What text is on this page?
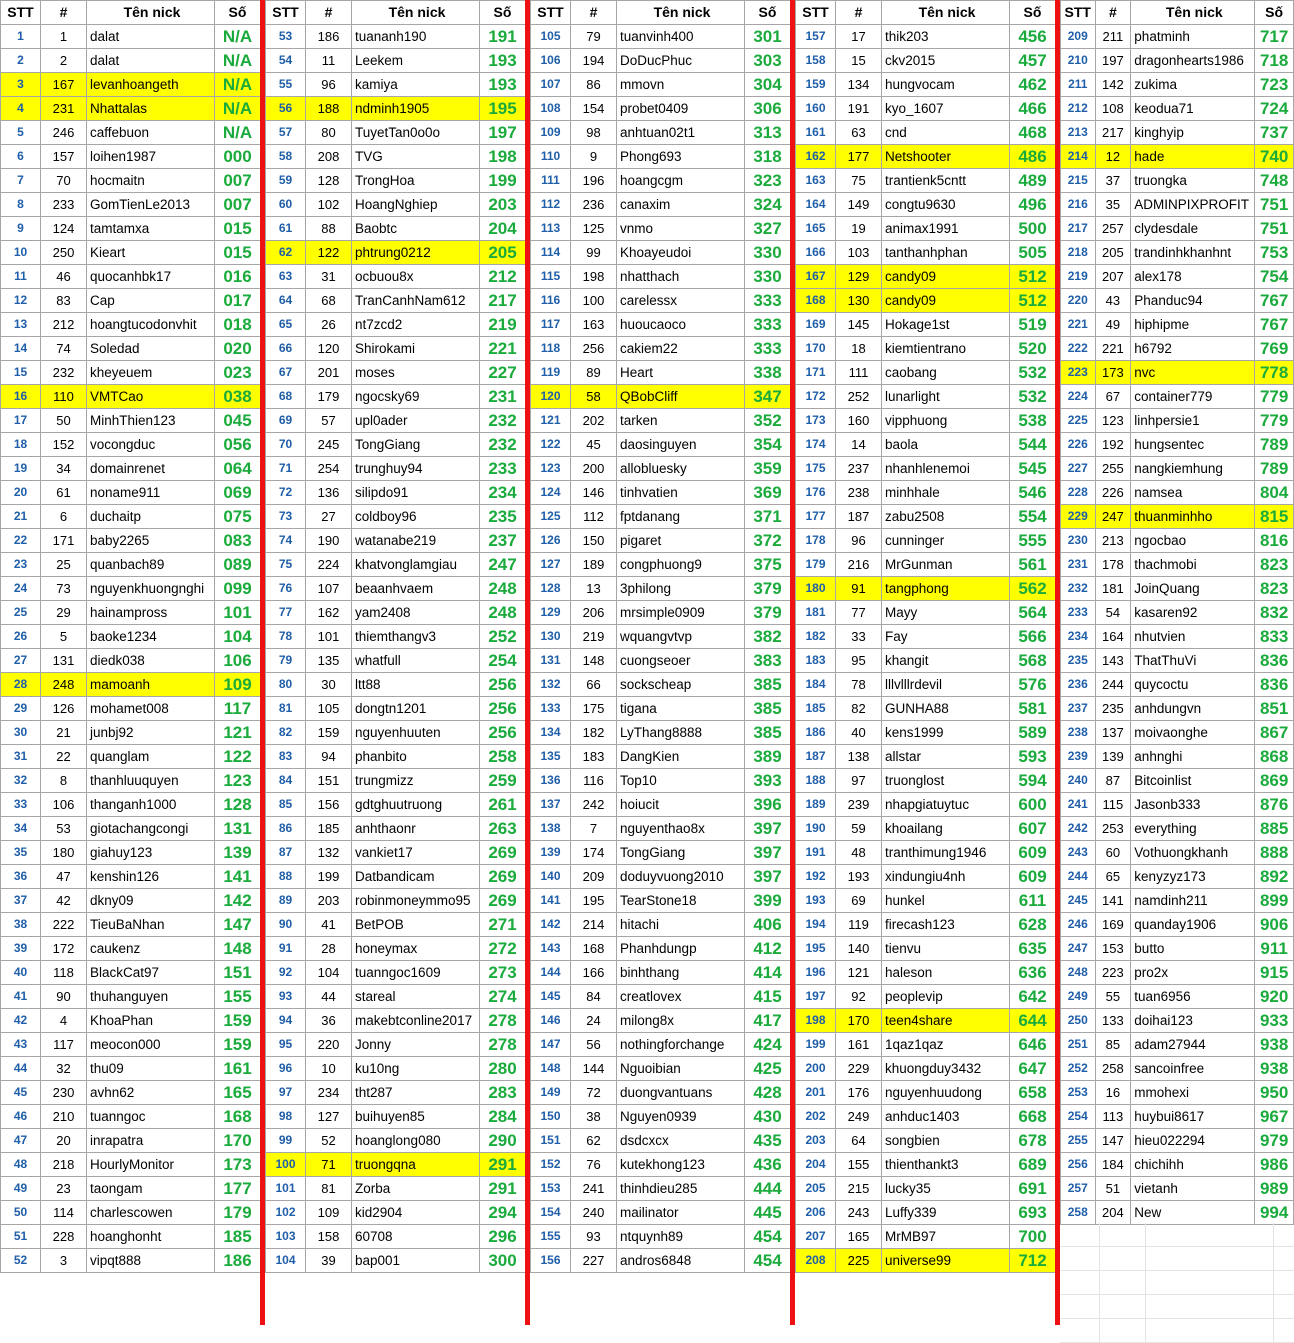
STT	#	Tên nick	Số
1	1	dalat	N/A
2	2	dalat	N/A
3	167	levanhoangeth	N/A
4	231	Nhattalas	N/A
5	246	caffebuon	N/A
6	157	loihen1987	000
7	70	hocmaitn	007
8	233	GomTienLe2013	007
9	124	tamtamxa	015
10	250	Kieart	015
11	46	quocanhbk17	016
12	83	Cap	017
13	212	hoangtucodonvhit	018
14	74	Soledad	020
15	232	kheyeuem	023
16	110	VMTCao	038
17	50	MinhThien123	045
18	152	vocongduc	056
19	34	domainrenet	064
20	61	noname911	069
21	6	duchaitp	075
22	171	baby2265	083
23	25	quanbach89	089
24	73	nguyenkhuongnghi	099
25	29	hainampross	101
26	5	baoke1234	104
27	131	diedk038	106
28	248	mamoanh	109
29	126	mohamet008	117
30	21	junbj92	121
31	22	quanglam	122
32	8	thanhluuquyen	123
33	106	thanganh1000	128
34	53	giotachangcongi	131
35	180	giahuy123	139
36	47	kenshin126	141
37	42	dkny09	142
38	222	TieuBaNhan	147
39	172	caukenz	148
40	118	BlackCat97	151
41	90	thuhanguyen	155
42	4	KhoaPhan	159
43	117	meocon000	159
44	32	thu09	161
45	230	avhn62	165
46	210	tuanngoc	168
47	20	inrapatra	170
48	218	HourlyMonitor	173
49	23	taongam	177
50	114	charlescowen	179
51	228	hoanghonht	185
52	3	vipqt888	186
STT	#	Tên nick	Số
53	186	tuananh190	191
54	11	Leekem	193
55	96	kamiya	193
56	188	ndminh1905	195
57	80	TuyetTan0o0o	197
58	208	TVG	198
59	128	TrongHoa	199
60	102	HoangNghiep	203
61	88	Baobtc	204
62	122	phtrung0212	205
63	31	ocbuou8x	212
64	68	TranCanhNam612	217
65	26	nt7zcd2	219
66	120	Shirokami	221
67	201	moses	227
68	179	ngocsky69	231
69	57	upl0ader	232
70	245	TongGiang	232
71	254	trunghuy94	233
72	136	silipdo91	234
73	27	coldboy96	235
74	190	watanabe219	237
75	224	khatvonglamgiau	247
76	107	beaanhvaem	248
77	162	yam2408	248
78	101	thiemthangv3	252
79	135	whatfull	254
80	30	ltt88	256
81	105	dongtn1201	256
82	159	nguyenhuuten	256
83	94	phanbito	258
84	151	trungmizz	259
85	156	gdtghuutruong	261
86	185	anhthaonr	263
87	132	vankiet17	269
88	199	Datbandicam	269
89	203	robinmoneymmo95	269
90	41	BetPOB	271
91	28	honeymax	272
92	104	tuanngoc1609	273
93	44	stareal	274
94	36	makebtconline2017	278
95	220	Jonny	278
96	10	ku10ng	280
97	234	tht287	283
98	127	buihuyen85	284
99	52	hoanglong080	290
100	71	truongqna	291
101	81	Zorba	291
102	109	kid2904	294
103	158	60708	296
104	39	bap001	300
STT	#	Tên nick	Số
105	79	tuanvinh400	301
106	194	DoDucPhuc	303
107	86	mmovn	304
108	154	probet0409	306
109	98	anhtuan02t1	313
110	9	Phong693	318
111	196	hoangcgm	323
112	236	canaxim	324
113	125	vnmo	327
114	99	Khoayeudoi	330
115	198	nhatthach	330
116	100	carelessx	333
117	163	huoucaoco	333
118	256	cakiem22	333
119	89	Heart	338
120	58	QBobCliff	347
121	202	tarken	352
122	45	daosinguyen	354
123	200	allobluesky	359
124	146	tinhvatien	369
125	112	fptdanang	371
126	150	pigaret	372
127	189	congphuong9	375
128	13	3philong	379
129	206	mrsimple0909	379
130	219	wquangvtvp	382
131	148	cuongseoer	383
132	66	sockscheap	385
133	175	tigana	385
134	182	LyThang8888	385
135	183	DangKien	389
136	116	Top10	393
137	242	hoiucit	396
138	7	nguyenthao8x	397
139	174	TongGiang	397
140	209	doduyvuong2010	397
141	195	TearStone18	399
142	214	hitachi	406
143	168	Phanhdungp	412
144	166	binhthang	414
145	84	creatlovex	415
146	24	milong8x	417
147	56	nothingforchange	424
148	144	Nguoibian	425
149	72	duongvantuans	428
150	38	Nguyen0939	430
151	62	dsdcxcx	435
152	76	kutekhong123	436
153	241	thinhdieu285	444
154	240	mailinator	445
155	93	ntquynh89	454
156	227	andros6848	454
STT	#	Tên nick	Số
157	17	thik203	456
158	15	ckv2015	457
159	134	hungvocam	462
160	191	kyo_1607	466
161	63	cnd	468
162	177	Netshooter	486
163	75	trantienk5cntt	489
164	149	congtu9630	496
165	19	animax1991	500
166	103	tanthanhphan	505
167	129	candy09	512
168	130	candy09	512
169	145	Hokage1st	519
170	18	kiemtientrano	520
171	111	caobang	532
172	252	lunarlight	532
173	160	vipphuong	538
174	14	baola	544
175	237	nhanhlenemoi	545
176	238	minhhale	546
177	187	zabu2508	554
178	96	cunninger	555
179	216	MrGunman	561
180	91	tangphong	562
181	77	Mayy	564
182	33	Fay	566
183	95	khangit	568
184	78	lllvlllrdevil	576
185	82	GUNHA88	581
186	40	kens1999	589
187	138	allstar	593
188	97	truonglost	594
189	239	nhapgiatuytuc	600
190	59	khoailang	607
191	48	tranthimung1946	609
192	193	xindungiu4nh	609
193	69	hunkel	611
194	119	firecash123	628
195	140	tienvu	635
196	121	haleson	636
197	92	peoplevip	642
198	170	teen4share	644
199	161	1qaz1qaz	646
200	229	khuongduy3432	647
201	176	nguyenhuudong	658
202	249	anhduc1403	668
203	64	songbien	678
204	155	thienthankt3	689
205	215	lucky35	691
206	243	Luffy339	693
207	165	MrMB97	700
208	225	universe99	712
STT	#	Tên nick	Số
209	211	phatminh	717
210	197	dragonhearts1986	718
211	142	zukima	723
212	108	keodua71	724
213	217	kinghyip	737
214	12	hade	740
215	37	truongka	748
216	35	ADMINPIXPROFIT	751
217	257	clydesdale	751
218	205	trandinhkhanhnt	753
219	207	alex178	754
220	43	Phanduc94	767
221	49	hiphipme	767
222	221	h6792	769
223	173	nvc	778
224	67	container779	779
225	123	linhpersie1	779
226	192	hungsentec	789
227	255	nangkiemhung	789
228	226	namsea	804
229	247	thuanminhho	815
230	213	ngocbao	816
231	178	thachmobi	823
232	181	JoinQuang	823
233	54	kasaren92	832
234	164	nhutvien	833
235	143	ThatThuVi	836
236	244	quycoctu	836
237	235	anhdungvn	851
238	137	moivaonghe	867
239	139	anhnghi	868
240	87	Bitcoinlist	869
241	115	Jasonb333	876
242	253	everything	885
243	60	Vothuongkhanh	888
244	65	kenyzyz173	892
245	141	namdinh211	899
246	169	quanday1906	906
247	153	butto	911
248	223	pro2x	915
249	55	tuan6956	920
250	133	doihai123	933
251	85	adam27944	938
252	258	sancoinfree	938
253	16	mmohexi	950
254	113	huybui8617	967
255	147	hieu022294	979
256	184	chichihh	986
257	51	vietanh	989
258	204	New	994
